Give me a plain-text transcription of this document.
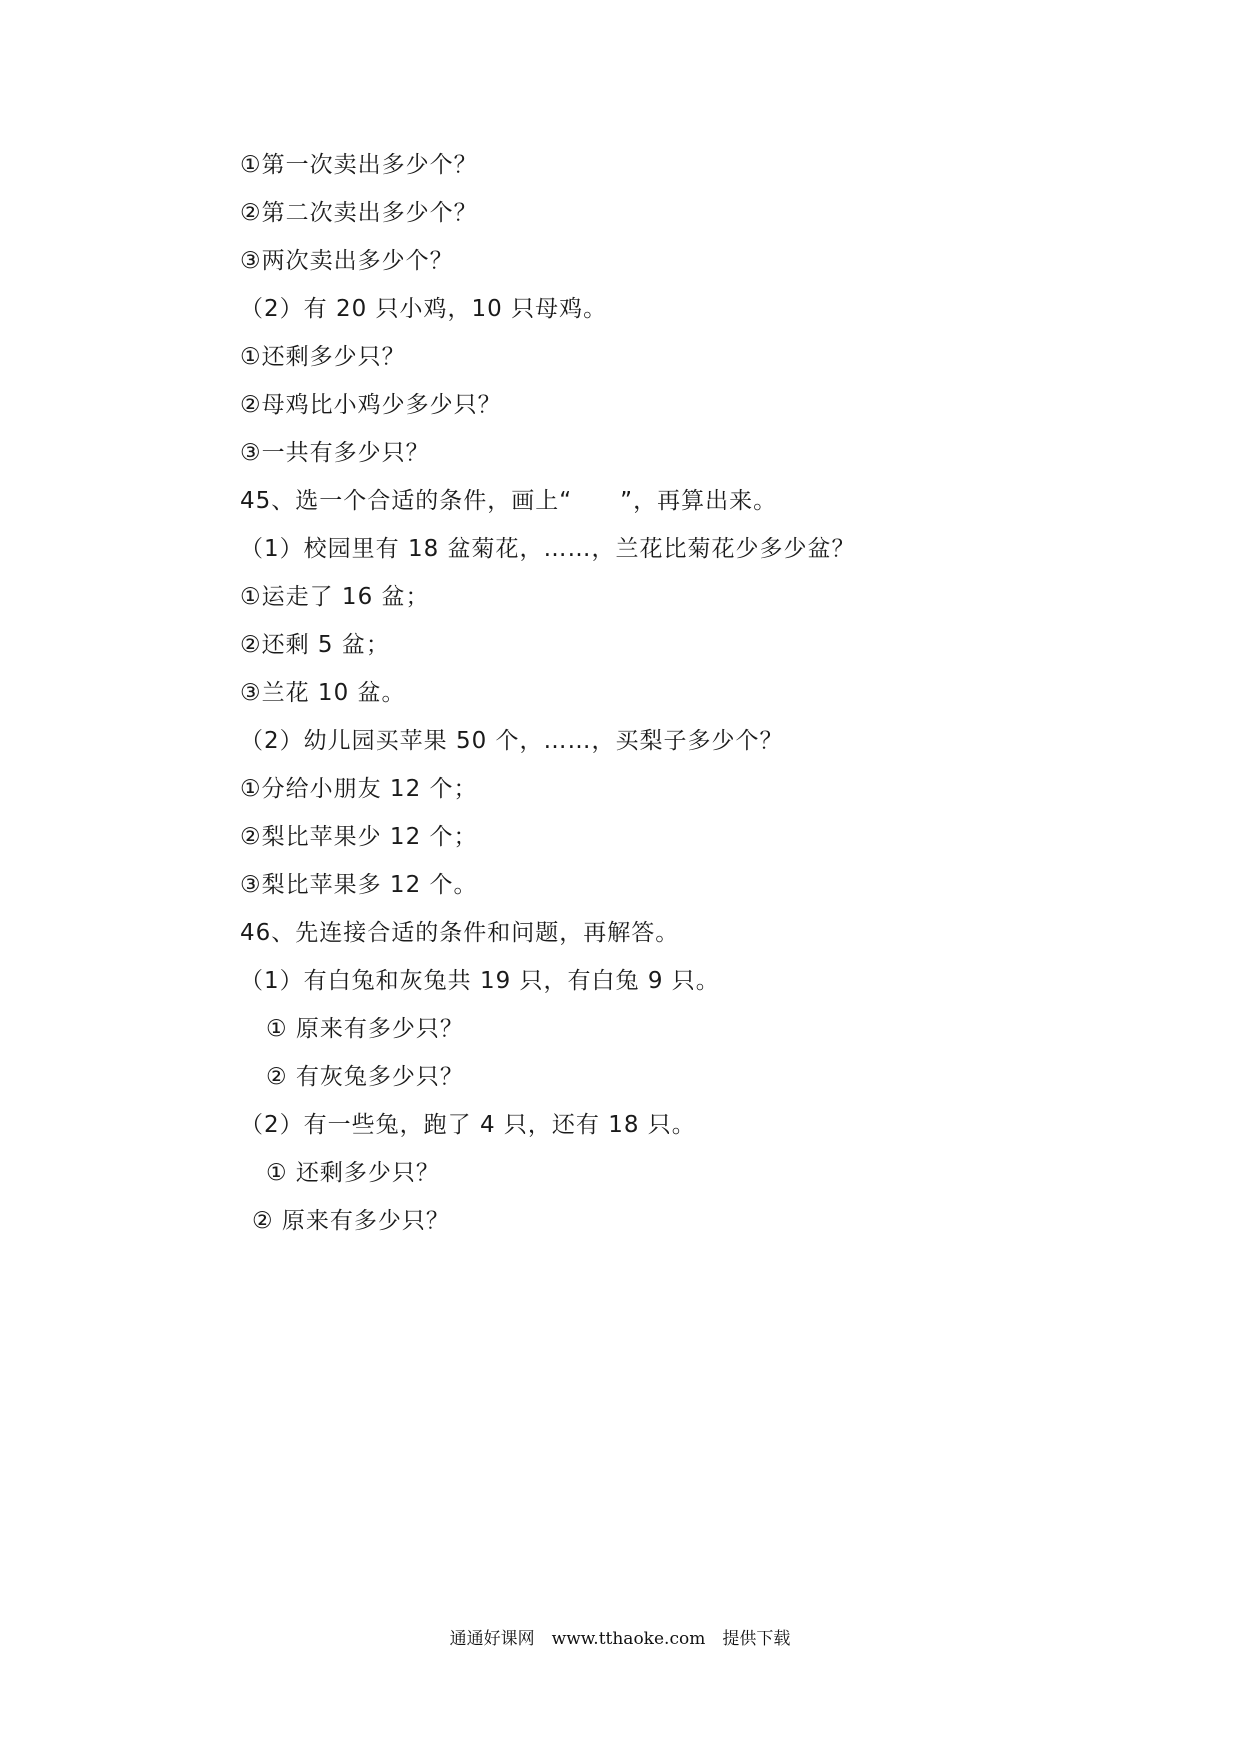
①第一次卖出多少个？
②第二次卖出多少个？
③两次卖出多少个？
（2）有 20 只小鸡，10 只母鸡。
①还剩多少只？
②母鸡比小鸡少多少只？
③一共有多少只？
45、选一个合适的条件，画上“　　”，再算出来。
（1）校园里有 18 盆菊花，……，兰花比菊花少多少盆？
①运走了 16 盆；
②还剩 5 盆；
③兰花 10 盆。
（2）幼儿园买苹果 50 个，……，买梨子多少个？
①分给小朋友 12 个；
②梨比苹果少 12 个；
③梨比苹果多 12 个。
46、先连接合适的条件和问题，再解答。
（1）有白兔和灰兔共 19 只，有白兔 9 只。
① 原来有多少只？
② 有灰兔多少只？
（2）有一些兔，跑了 4 只，还有 18 只。
① 还剩多少只？
② 原来有多少只？
通通好课网　www.tthaoke.com　提供下载
